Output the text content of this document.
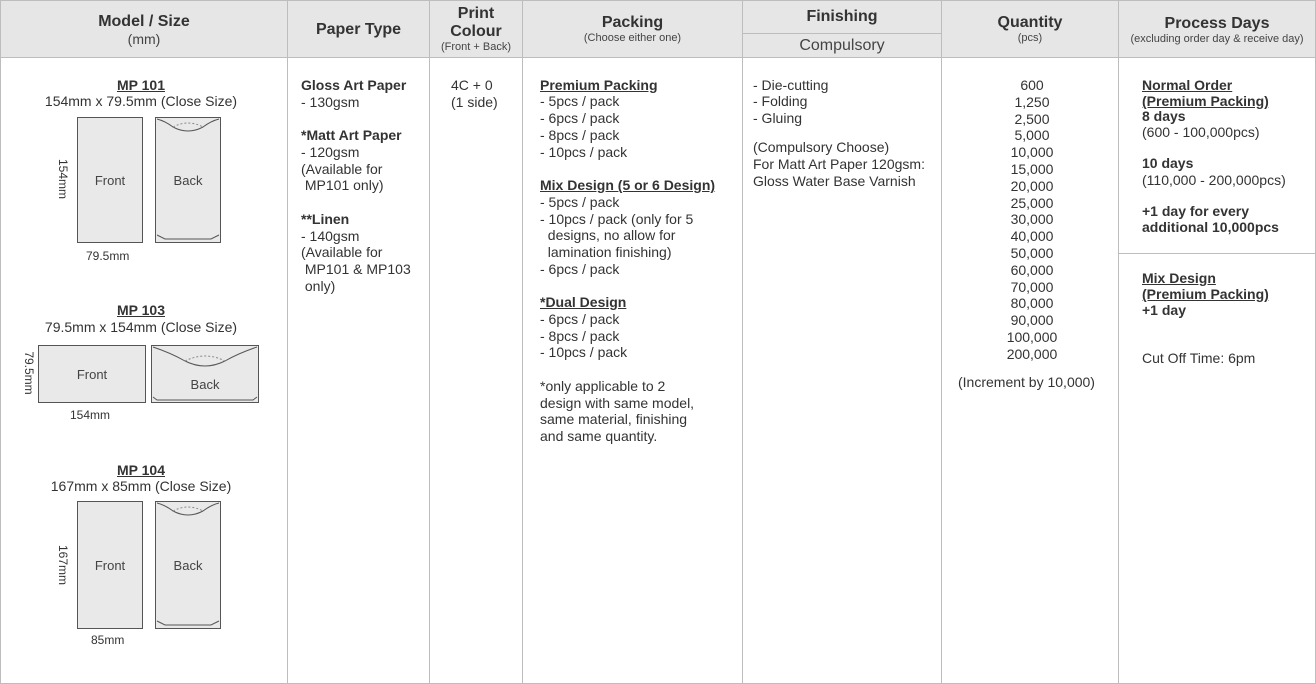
Model / Size
(mm)
Paper Type
Print
Colour
(Front + Back)
Packing
(Choose either one)
Finishing
Compulsory
Quantity
(pcs)
Process Days
(excluding order day & receive day)
MP 101
154mm x 79.5mm (Close Size)
Front	Back
154mm
79.5mm
MP 103
79.5mm x 154mm (Close Size)
Front
Back
79.5mm
154mm
MP 104
167mm x 85mm (Close Size)
Front	Back
167mm
85mm
Gloss Art Paper
- 130gsm
*Matt Art Paper
- 120gsm
(Available for
MP101 only)
**Linen
- 140gsm
(Available for
MP101 & MP103
only)
4C + 0
(1 side)
Premium Packing
- 5pcs / pack
- 6pcs / pack
- 8pcs / pack
- 10pcs / pack
Mix Design (5 or 6 Design)
- 5pcs / pack
- 10pcs / pack (only for 5
designs, no allow for
lamination finishing)
- 6pcs / pack
*Dual Design
- 6pcs / pack
- 8pcs / pack
- 10pcs / pack
*only applicable to 2
design with same model,
same material, finishing
and same quantity.
- Die-cutting
- Folding
- Gluing
(Compulsory Choose)
For Matt Art Paper 120gsm:
Gloss Water Base Varnish
600
1,250
2,500
5,000
10,000
15,000
20,000
25,000
30,000
40,000
50,000
60,000
70,000
80,000
90,000
100,000
200,000
(Increment by 10,000)
Normal Order
(Premium Packing)
8 days
(600 - 100,000pcs)
10 days
(110,000 - 200,000pcs)
+1 day for every
additional 10,000pcs
Mix Design
(Premium Packing)
+1 day
Cut Off Time: 6pm
